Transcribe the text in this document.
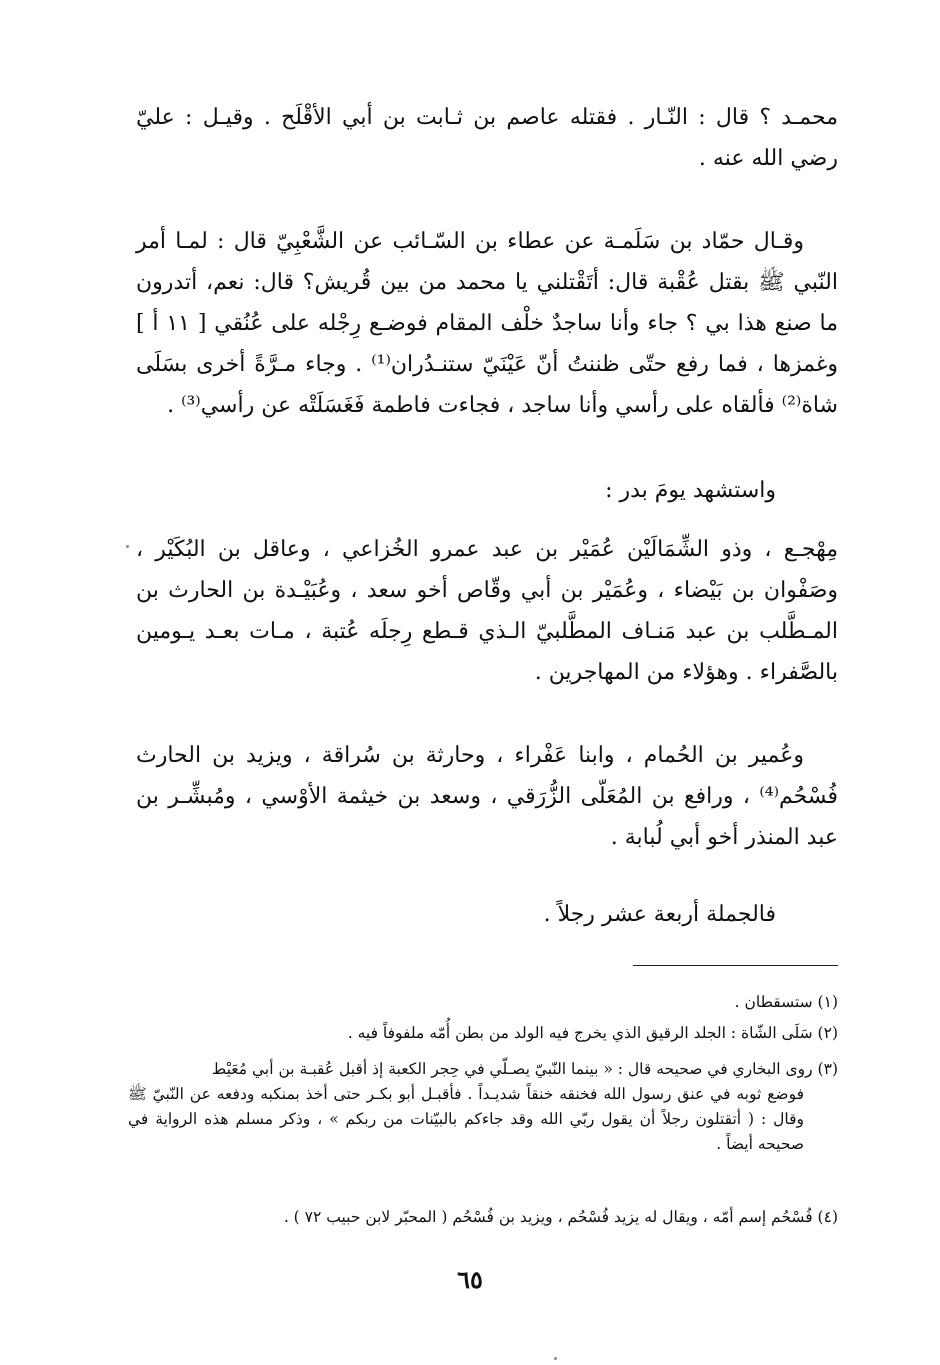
محمـد ؟ قال : النّـار . فقتله عاصم بن ثـابت بن أبي الأقْلَح . وقيـل : عليّ رضي الله عنه .

وقـال حمّاد بن سَلَمـة عن عطاء بن السّـائب عن الشَّعْبِيّ قال : لمـا أمر النّبي ﷺ بقتل عُقْبة قال: أتَقْتلني يا محمد من بين قُريش؟ قال: نعم، أتدرون ما صنع هذا بي ؟ جاء وأنا ساجدٌ خلْف المقام فوضـع رِجْله على عُنُقي [ ١١ أ ] وغمزها ، فما رفع حتّى ظننتُ أنّ عَيْنَيّ ستنـدُران⁽¹⁾ . وجاء مـرَّةً أخرى بسَلَى شاة⁽²⁾ فألقاه على رأسي وأنا ساجد ، فجاءت فاطمة فَغَسَلَتْه عن رأسي⁽³⁾ .

واستشهد يومَ بدر :

مِهْجـع ، وذو الشِّمَالَيْن عُمَيْر بن عبد عمرو الخُزاعي ، وعاقل بن البُكَيْر ، وصَفْوان بن بَيْضاء ، وعُمَيْر بن أبي وقّاص أخو سعد ، وعُبَيْـدة بن الحارث بن المـطَّلب بن عبد مَنـاف المطَّلبيّ الـذي قـطع رِجلَه عُتبة ، مـات بعـد يـومين بالصَّفراء . وهؤلاء من المهاجرين .

وعُمير بن الحُمام ، وابنا عَفْراء ، وحارثة بن سُراقة ، ويزيد بن الحارث فُسْحُم⁽⁴⁾ ، ورافع بن المُعَلّى الزُّرَقي ، وسعد بن خيثمة الأوْسي ، ومُبشِّـر بن عبد المنذر أخو أبي لُبابة .

فالجملة أربعة عشر رجلاً .

(١) ستسقطان .

(٢) سَلَى الشّاة : الجلد الرقيق الذي يخرج فيه الولد من بطن أُمّه ملفوفاً فيه .

(٣) روى البخاري في صحيحه قال : « بينما النّبيّ يصـلّي في حِجر الكعبة إذ أقبل عُقبـة بن أبي مُعَيْط

فوضع ثوبه في عنق رسول الله فخنقه خنقاً شديـداً . فأقبـل أبو بكـر حتى أخذ بمنكبه ودفعه عن النّبيّ ﷺ وقال : ( أتقتلون رجلاً أن يقول ربّي الله وقد جاءكم بالبيّنات من ربكم » ، وذكر مسلم هذه الرواية في صحيحه أيضاً .

(٤) فُسْحُم إسم أمّه ، ويقال له يزيد فُسْحُم ، ويزيد بن فُسْحُم ( المحبّر لابن حبيب ٧٢ ) .

٦٥
